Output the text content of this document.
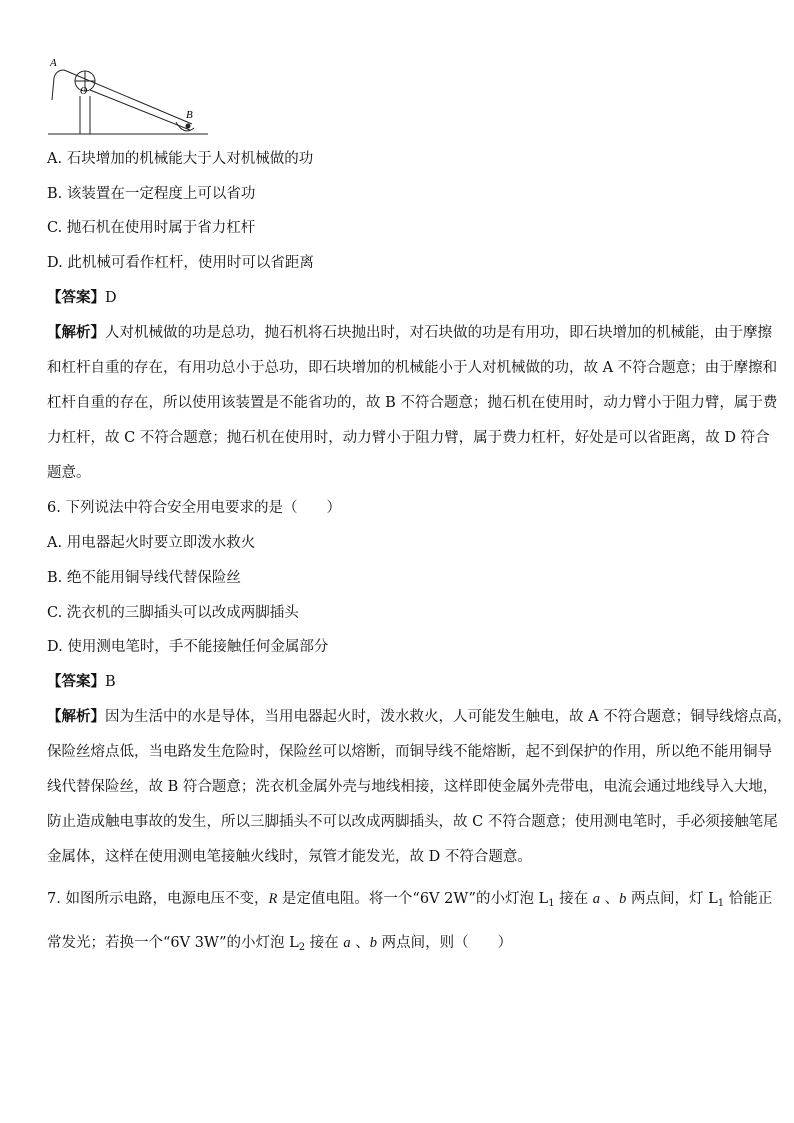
A
O
B
A. 石块增加的机械能大于人对机械做的功
B. 该装置在一定程度上可以省功
C. 抛石机在使用时属于省力杠杆
D. 此机械可看作杠杆，使用时可以省距离
【答案】D
【解析】人对机械做的功是总功，抛石机将石块抛出时，对石块做的功是有用功，即石块增加的机械能，由于摩擦
和杠杆自重的存在，有用功总小于总功，即石块增加的机械能小于人对机械做的功，故 A 不符合题意；由于摩擦和
杠杆自重的存在，所以使用该装置是不能省功的，故 B 不符合题意；抛石机在使用时，动力臂小于阻力臂，属于费
力杠杆，故 C 不符合题意；抛石机在使用时，动力臂小于阻力臂，属于费力杠杆，好处是可以省距离，故 D 符合
题意。
6. 下列说法中符合安全用电要求的是（　　）
A. 用电器起火时要立即泼水救火
B. 绝不能用铜导线代替保险丝
C. 洗衣机的三脚插头可以改成两脚插头
D. 使用测电笔时，手不能接触任何金属部分
【答案】B
【解析】因为生活中的水是导体，当用电器起火时，泼水救火，人可能发生触电，故 A 不符合题意；铜导线熔点高，
保险丝熔点低，当电路发生危险时，保险丝可以熔断，而铜导线不能熔断，起不到保护的作用，所以绝不能用铜导
线代替保险丝，故 B 符合题意；洗衣机金属外壳与地线相接，这样即使金属外壳带电，电流会通过地线导入大地，
防止造成触电事故的发生，所以三脚插头不可以改成两脚插头，故 C 不符合题意；使用测电笔时，手必须接触笔尾
金属体，这样在使用测电笔接触火线时，氖管才能发光，故 D 不符合题意。
7. 如图所示电路，电源电压不变，R 是定值电阻。将一个“6V 2W”的小灯泡 $L_1$ 接在 a 、b 两点间，灯 $L_1$ 恰能正
常发光；若换一个“6V 3W”的小灯泡 $L_2$ 接在 a 、b 两点间，则（　　）
